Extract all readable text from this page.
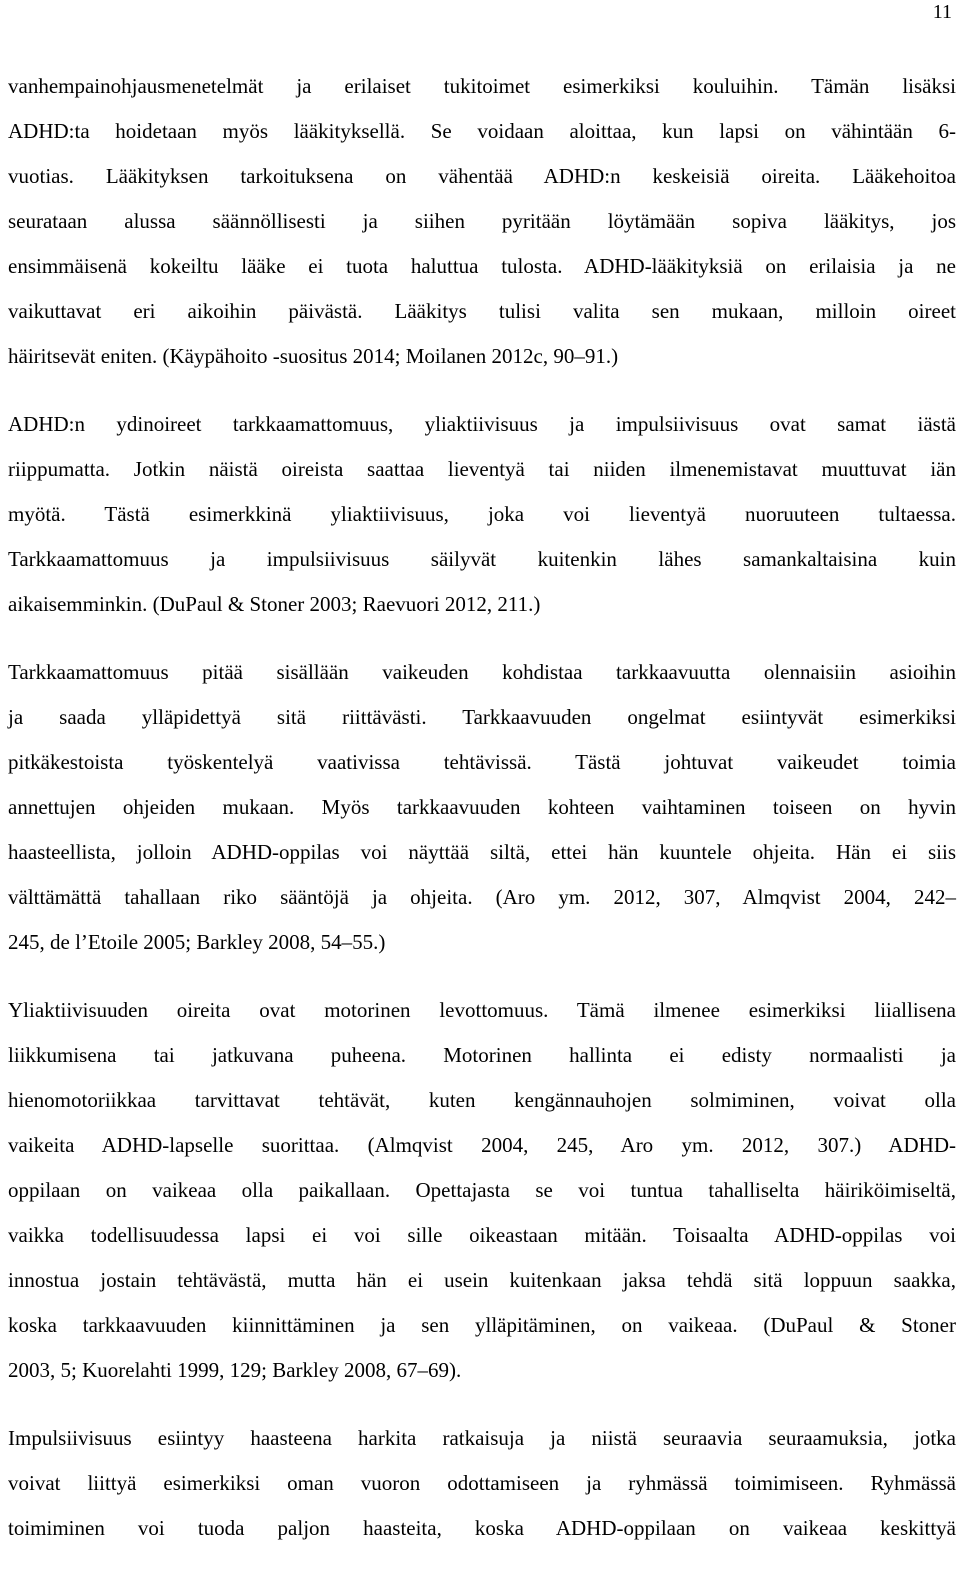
11
vanhempainohjausmenetelmät ja erilaiset tukitoimet esimerkiksi kouluihin. Tämän lisäksi
ADHD:ta hoidetaan myös lääkityksellä. Se voidaan aloittaa, kun lapsi on vähintään 6-
vuotias. Lääkityksen tarkoituksena on vähentää ADHD:n keskeisiä oireita. Lääkehoitoa
seurataan alussa säännöllisesti ja siihen pyritään löytämään sopiva lääkitys, jos
ensimmäisenä kokeiltu lääke ei tuota haluttua tulosta. ADHD-lääkityksiä on erilaisia ja ne
vaikuttavat eri aikoihin päivästä. Lääkitys tulisi valita sen mukaan, milloin oireet
häiritsevät eniten. (Käypähoito -suositus 2014; Moilanen 2012c, 90–91.)
ADHD:n ydinoireet tarkkaamattomuus, yliaktiivisuus ja impulsiivisuus ovat samat iästä
riippumatta. Jotkin näistä oireista saattaa lieventyä tai niiden ilmenemistavat muuttuvat iän
myötä. Tästä esimerkkinä yliaktiivisuus, joka voi lieventyä nuoruuteen tultaessa.
Tarkkaamattomuus ja impulsiivisuus säilyvät kuitenkin lähes samankaltaisina kuin
aikaisemminkin. (DuPaul & Stoner 2003; Raevuori 2012, 211.)
Tarkkaamattomuus pitää sisällään vaikeuden kohdistaa tarkkaavuutta olennaisiin asioihin
ja saada ylläpidettyä sitä riittävästi. Tarkkaavuuden ongelmat esiintyvät esimerkiksi
pitkäkestoista työskentelyä vaativissa tehtävissä. Tästä johtuvat vaikeudet toimia
annettujen ohjeiden mukaan. Myös tarkkaavuuden kohteen vaihtaminen toiseen on hyvin
haasteellista, jolloin ADHD-oppilas voi näyttää siltä, ettei hän kuuntele ohjeita. Hän ei siis
välttämättä tahallaan riko sääntöjä ja ohjeita. (Aro ym. 2012, 307, Almqvist 2004, 242–
245, de l’Etoile 2005; Barkley 2008, 54–55.)
Yliaktiivisuuden oireita ovat motorinen levottomuus. Tämä ilmenee esimerkiksi liiallisena
liikkumisena tai jatkuvana puheena. Motorinen hallinta ei edisty normaalisti ja
hienomotoriikkaa tarvittavat tehtävät, kuten kengännauhojen solmiminen, voivat olla
vaikeita ADHD-lapselle suorittaa. (Almqvist 2004, 245, Aro ym. 2012, 307.) ADHD-
oppilaan on vaikeaa olla paikallaan. Opettajasta se voi tuntua tahalliselta häiriköimiseltä,
vaikka todellisuudessa lapsi ei voi sille oikeastaan mitään. Toisaalta ADHD-oppilas voi
innostua jostain tehtävästä, mutta hän ei usein kuitenkaan jaksa tehdä sitä loppuun saakka,
koska tarkkaavuuden kiinnittäminen ja sen ylläpitäminen, on vaikeaa. (DuPaul & Stoner
2003, 5; Kuorelahti 1999, 129; Barkley 2008, 67–69).
Impulsiivisuus esiintyy haasteena harkita ratkaisuja ja niistä seuraavia seuraamuksia, jotka
voivat liittyä esimerkiksi oman vuoron odottamiseen ja ryhmässä toimimiseen. Ryhmässä
toimiminen voi tuoda paljon haasteita, koska ADHD-oppilaan on vaikeaa keskittyä
